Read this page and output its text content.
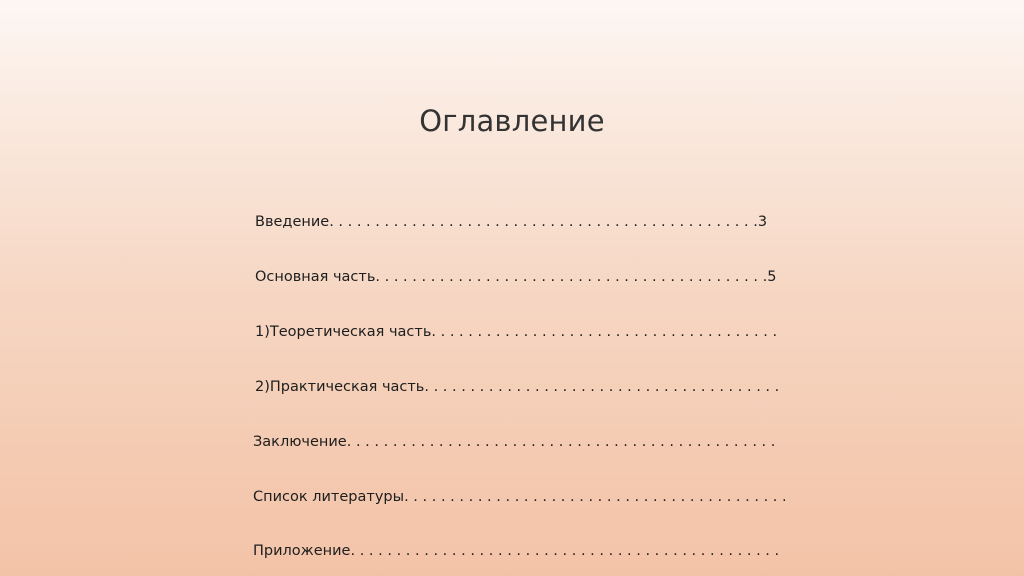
Оглавление
Введение. . . . . . . . . . . . . . . . . . . . . . . . . . . . . . . . . . . . . . . . . . . . . . .3
Основная часть. . . . . . . . . . . . . . . . . . . . . . . . . . . . . . . . . . . . . . . . . . .5
1)Теоретическая часть. . . . . . . . . . . . . . . . . . . . . . . . . . . . . . . . . . . . . .
2)Практическая часть. . . . . . . . . . . . . . . . . . . . . . . . . . . . . . . . . . . . . . .
Заключение. . . . . . . . . . . . . . . . . . . . . . . . . . . . . . . . . . . . . . . . . . . . . . .
Список литературы. . . . . . . . . . . . . . . . . . . . . . . . . . . . . . . . . . . . . . . . . .
Приложение. . . . . . . . . . . . . . . . . . . . . . . . . . . . . . . . . . . . . . . . . . . . . . .
